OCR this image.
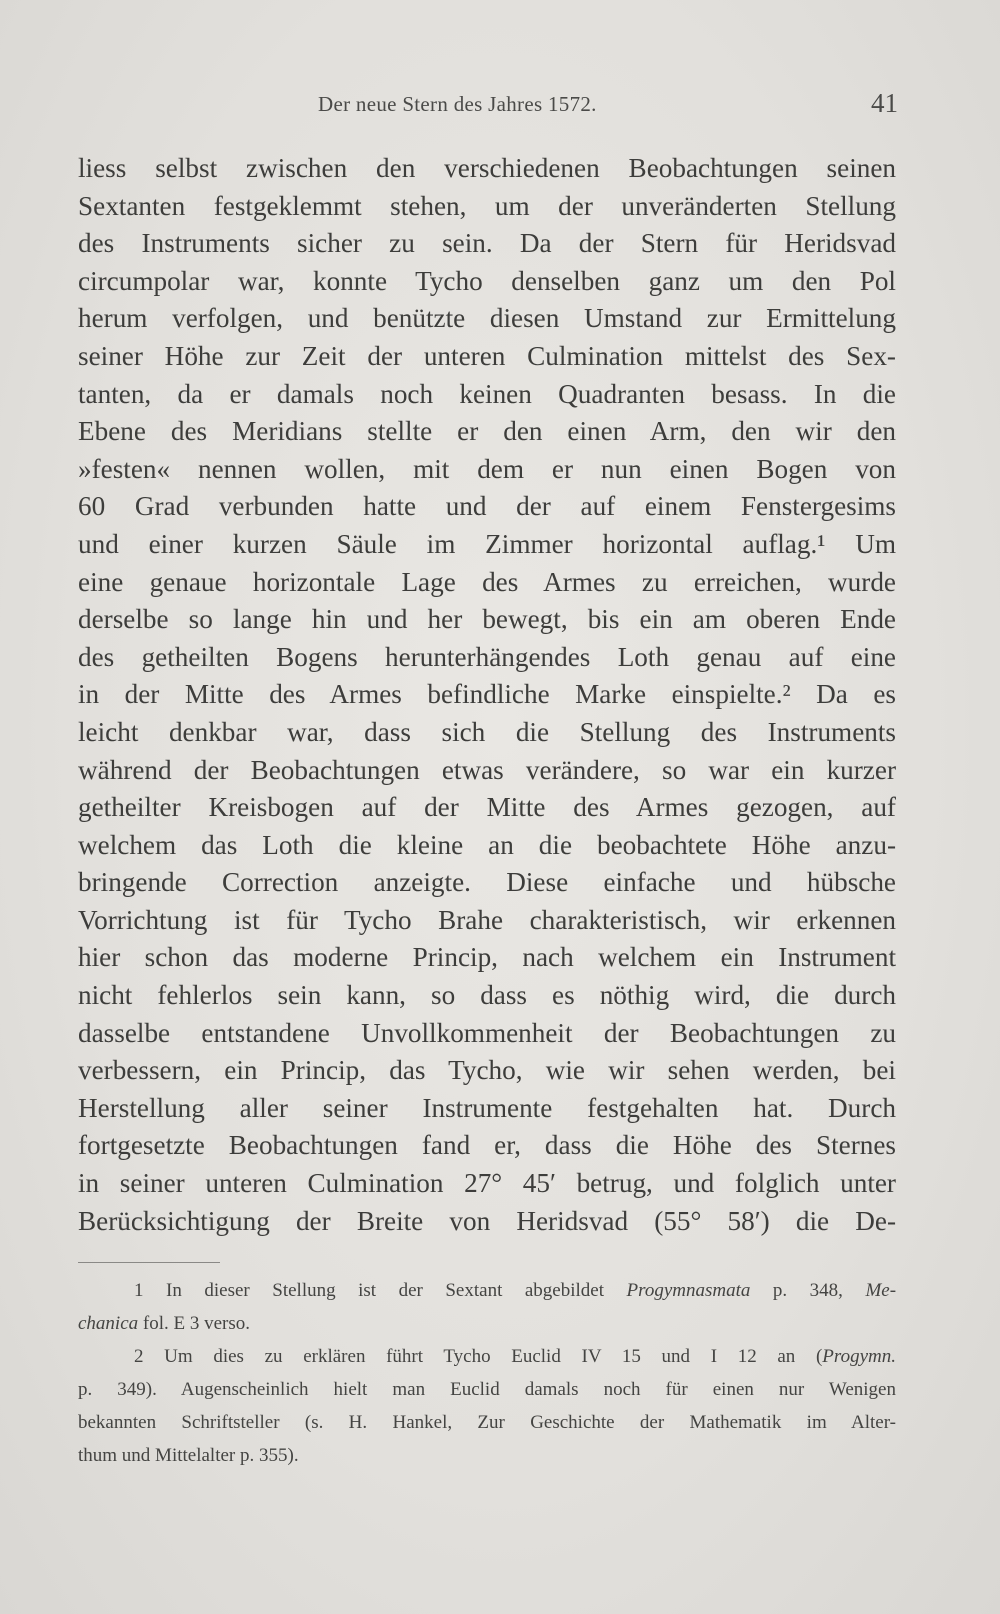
Der neue Stern des Jahres 1572.	41
liess selbst zwischen den verschiedenen Beobachtungen seinen
Sextanten festgeklemmt stehen, um der unveränderten Stellung
des Instruments sicher zu sein. Da der Stern für Heridsvad
circumpolar war, konnte Tycho denselben ganz um den Pol
herum verfolgen, und benützte diesen Umstand zur Ermittelung
seiner Höhe zur Zeit der unteren Culmination mittelst des Sex-
tanten, da er damals noch keinen Quadranten besass. In die
Ebene des Meridians stellte er den einen Arm, den wir den
»festen« nennen wollen, mit dem er nun einen Bogen von
60 Grad verbunden hatte und der auf einem Fenstergesims
und einer kurzen Säule im Zimmer horizontal auflag.¹ Um
eine genaue horizontale Lage des Armes zu erreichen, wurde
derselbe so lange hin und her bewegt, bis ein am oberen Ende
des getheilten Bogens herunterhängendes Loth genau auf eine
in der Mitte des Armes befindliche Marke einspielte.² Da es
leicht denkbar war, dass sich die Stellung des Instruments
während der Beobachtungen etwas verändere, so war ein kurzer
getheilter Kreisbogen auf der Mitte des Armes gezogen, auf
welchem das Loth die kleine an die beobachtete Höhe anzu-
bringende Correction anzeigte. Diese einfache und hübsche
Vorrichtung ist für Tycho Brahe charakteristisch, wir erkennen
hier schon das moderne Princip, nach welchem ein Instrument
nicht fehlerlos sein kann, so dass es nöthig wird, die durch
dasselbe entstandene Unvollkommenheit der Beobachtungen zu
verbessern, ein Princip, das Tycho, wie wir sehen werden, bei
Herstellung aller seiner Instrumente festgehalten hat. Durch
fortgesetzte Beobachtungen fand er, dass die Höhe des Sternes
in seiner unteren Culmination 27° 45′ betrug, und folglich unter
Berücksichtigung der Breite von Heridsvad (55° 58′) die De-
1 In dieser Stellung ist der Sextant abgebildet Progymnasmata p. 348, Me-
chanica fol. E 3 verso.
2 Um dies zu erklären führt Tycho Euclid IV 15 und I 12 an (Progymn.
p. 349). Augenscheinlich hielt man Euclid damals noch für einen nur Wenigen
bekannten Schriftsteller (s. H. Hankel, Zur Geschichte der Mathematik im Alter-
thum und Mittelalter p. 355).
